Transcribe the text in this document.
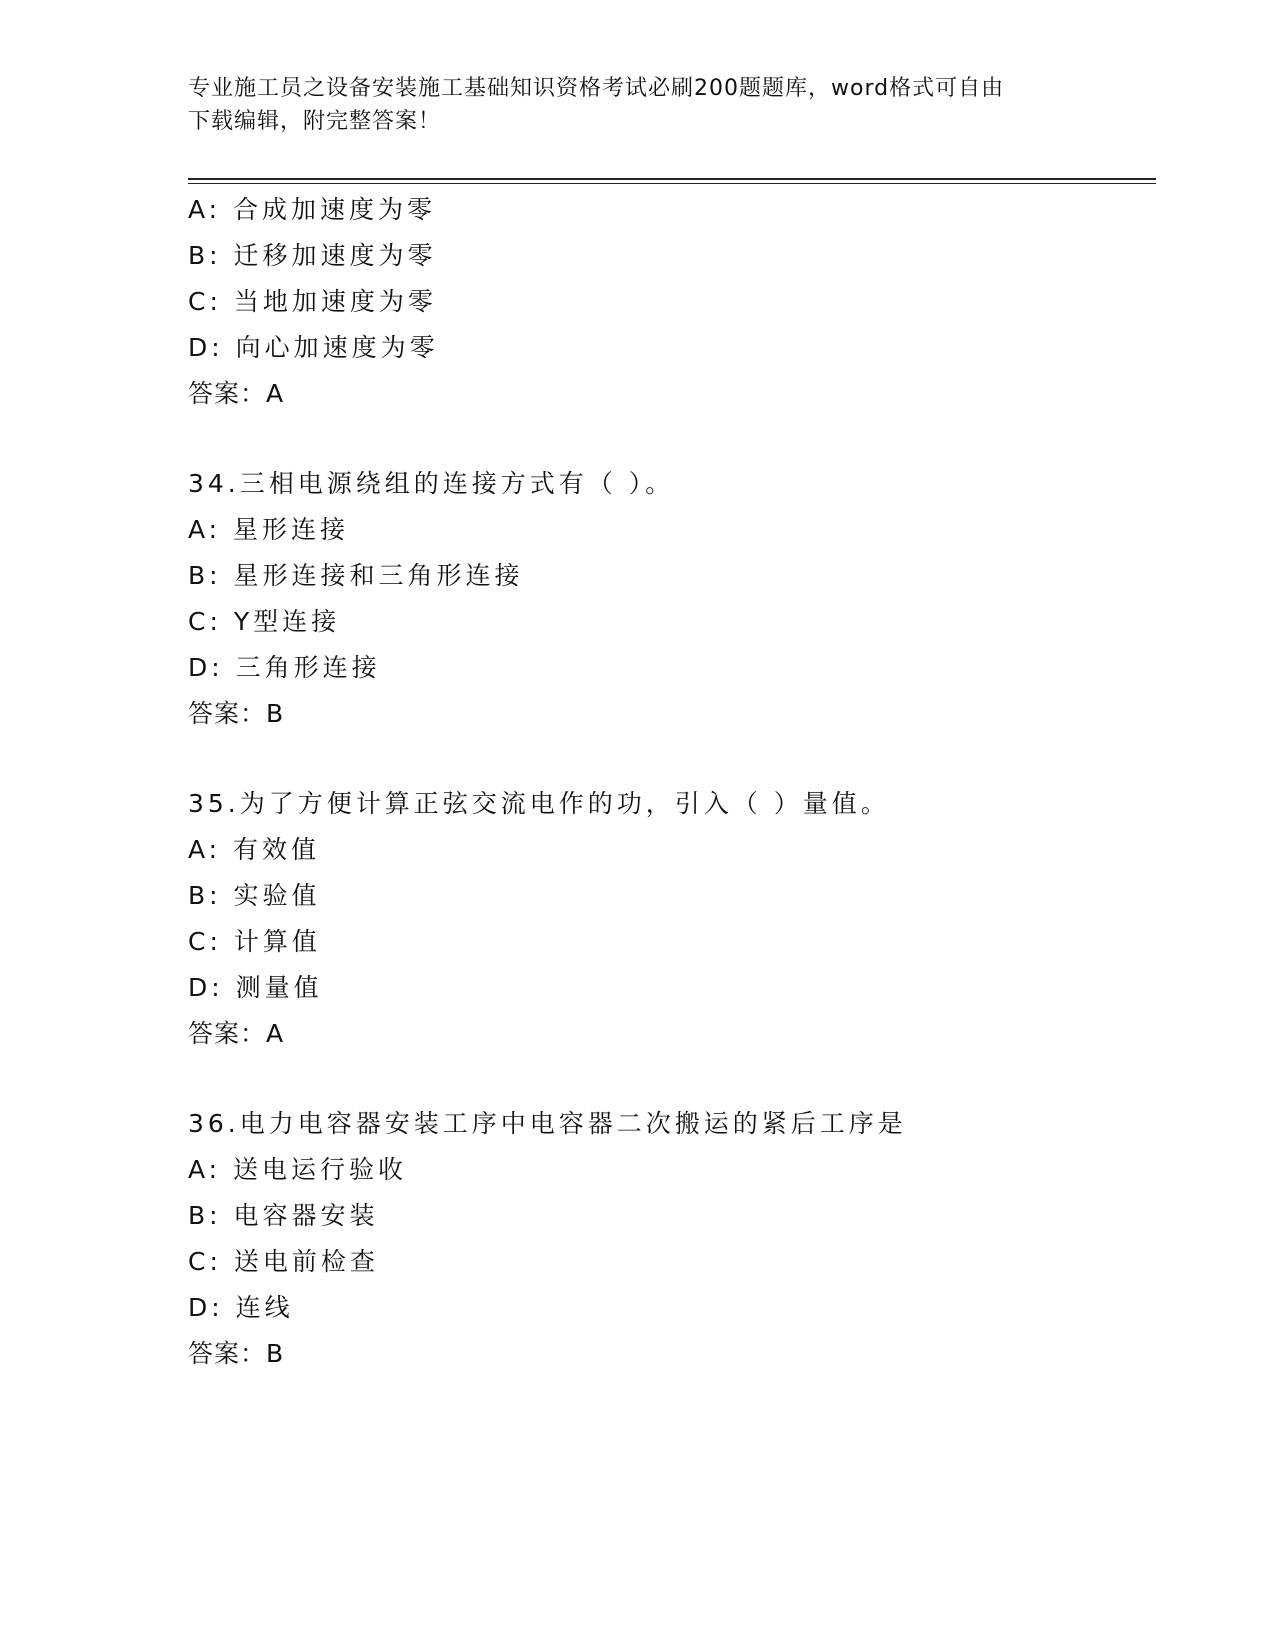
专业施工员之设备安装施工基础知识资格考试必刷200题题库，word格式可自由
下载编辑，附完整答案！
A: 合成加速度为零
B: 迁移加速度为零
C: 当地加速度为零
D: 向心加速度为零
答案：A
34.三相电源绕组的连接方式有（ ）。
A: 星形连接
B: 星形连接和三角形连接
C: Y型连接
D: 三角形连接
答案：B
35.为了方便计算正弦交流电作的功，引入（ ）量值。
A: 有效值
B: 实验值
C: 计算值
D: 测量值
答案：A
36.电力电容器安装工序中电容器二次搬运的紧后工序是
A: 送电运行验收
B: 电容器安装
C: 送电前检查
D: 连线
答案：B
